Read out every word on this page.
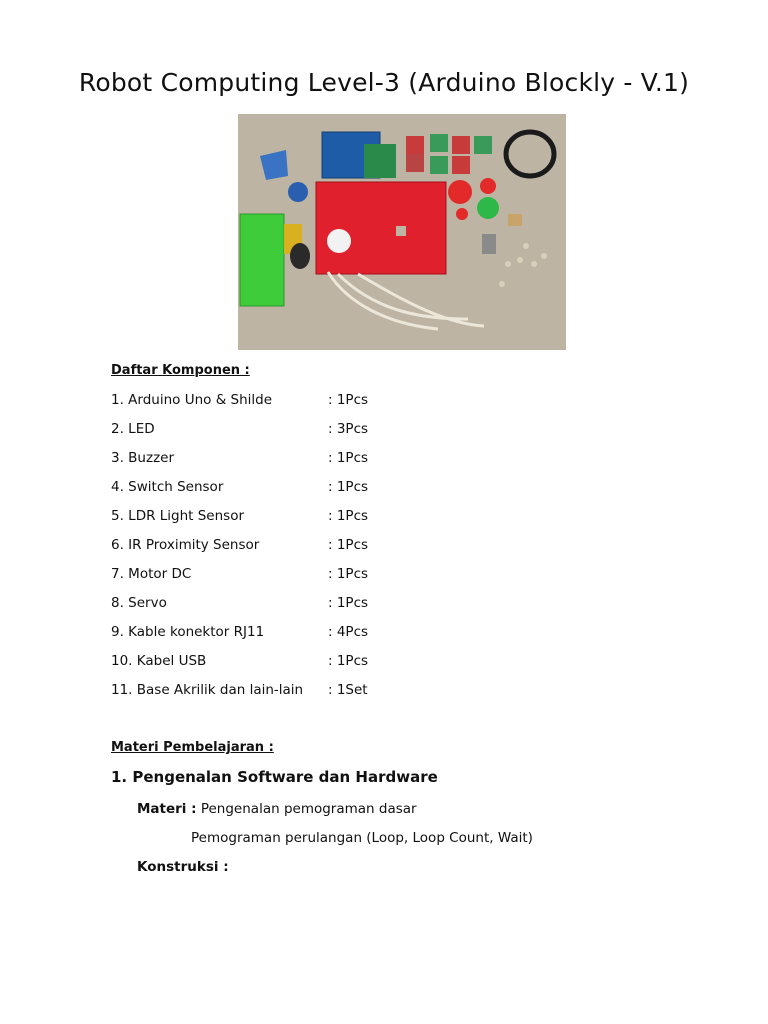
Robot Computing Level-3 (Arduino Blockly - V.1)
Daftar Komponen :
1. Arduino Uno & Shilde	: 1Pcs
2. LED	: 3Pcs
3. Buzzer	: 1Pcs
4. Switch Sensor	: 1Pcs
5. LDR Light Sensor	: 1Pcs
6. IR Proximity Sensor	: 1Pcs
7. Motor DC	: 1Pcs
8. Servo	: 1Pcs
9. Kable konektor RJ11	: 4Pcs
10. Kabel USB	: 1Pcs
11. Base Akrilik dan lain-lain : 1Set
Materi Pembelajaran :
1. Pengenalan Software dan Hardware
Materi : Pengenalan pemograman dasar
Pemograman perulangan (Loop, Loop Count, Wait)
Konstruksi :
